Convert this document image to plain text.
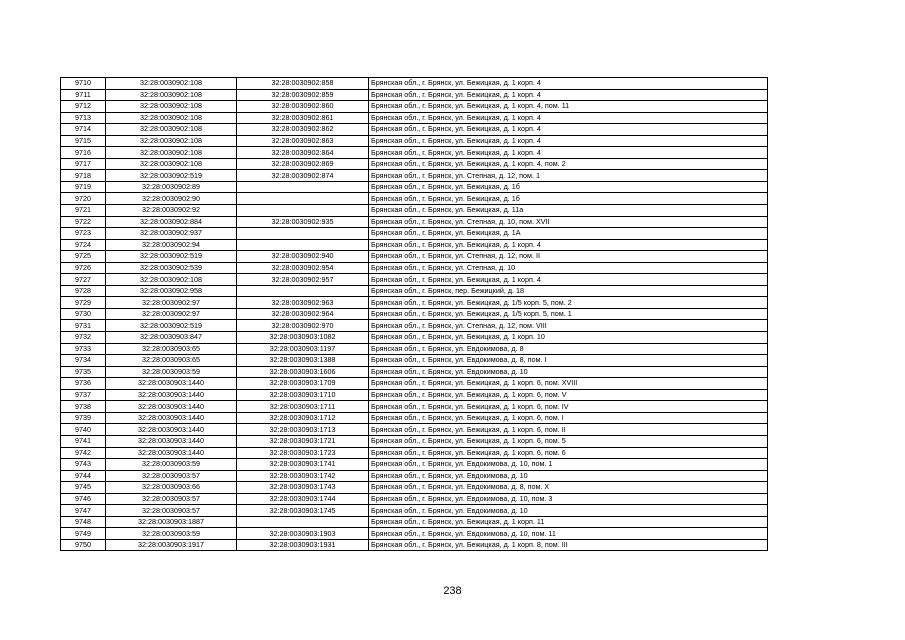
9710	32:28:0030902:108	32:28:0030902:858	Брянская обл., г. Брянск, ул. Бежицкая, д. 1 корп. 4
9711	32:28:0030902:108	32:28:0030902:859	Брянская обл., г. Брянск, ул. Бежицкая, д. 1 корп. 4
9712	32:28:0030902:108	32:28:0030902:860	Брянская обл., г. Брянск, ул. Бежицкая, д. 1 корп. 4, пом. 11
9713	32:28:0030902:108	32:28:0030902:861	Брянская обл., г. Брянск, ул. Бежицкая, д. 1 корп. 4
9714	32:28:0030902:108	32:28:0030902:862	Брянская обл., г. Брянск, ул. Бежицкая, д. 1 корп. 4
9715	32:28:0030902:108	32:28:0030902:863	Брянская обл., г. Брянск, ул. Бежицкая, д. 1 корп. 4
9716	32:28:0030902:108	32:28:0030902:864	Брянская обл., г. Брянск, ул. Бежицкая, д. 1 корп. 4
9717	32:28:0030902:108	32:28:0030902:869	Брянская обл., г. Брянск, ул. Бежицкая, д. 1 корп. 4, пом. 2
9718	32:28:0030902:519	32:28:0030902:874	Брянская обл., г. Брянск, ул. Степная, д. 12, пом. 1
9719	32:28:0030902:89		Брянская обл., г. Брянск, ул. Бежицкая, д. 1б
9720	32:28:0030902:90		Брянская обл., г. Брянск, ул. Бежицкая, д. 1б
9721	32:28:0030902:92		Брянская обл., г. Брянск, ул. Бежицкая, д. 11а
9722	32:28:0030902:884	32:28:0030902:935	Брянская обл., г. Брянск, ул. Степная, д. 10, пом. XVII
9723	32:28:0030902:937		Брянская обл., г. Брянск, ул. Бежицкая, д. 1А
9724	32:28:0030902:94		Брянская обл., г. Брянск, ул. Бежицкая, д. 1 корп. 4
9725	32:28:0030902:519	32:28:0030902:940	Брянская обл., г. Брянск, ул. Степная, д. 12, пом. II
9726	32:28:0030902:539	32:28:0030902:954	Брянская обл., г. Брянск, ул. Степная, д. 10
9727	32:28:0030902:108	32:28:0030902:957	Брянская обл., г. Брянск, ул. Бежицкая, д. 1 корп. 4
9728	32:28:0030902:958		Брянская обл., г. Брянск, пер. Бежицкий, д. 18
9729	32:28:0030902:97	32:28:0030902:963	Брянская обл., г. Брянск, ул. Бежицкая, д. 1/5 корп. 5, пом. 2
9730	32:28:0030902:97	32:28:0030902:964	Брянская обл., г. Брянск, ул. Бежицкая, д. 1/5 корп. 5, пом. 1
9731	32:28:0030902:519	32:28:0030902:970	Брянская обл., г. Брянск, ул. Степная, д. 12, пом. VIII
9732	32:28:0030903:847	32:28:0030903:1082	Брянская обл., г. Брянск, ул. Бежицкая, д. 1 корп. 10
9733	32:28:0030903:65	32:28:0030903:1197	Брянская обл., г. Брянск, ул. Евдокимова, д. 8
9734	32:28:0030903:65	32:28:0030903:1388	Брянская обл., г. Брянск, ул. Евдокимова, д. 8, пом. I
9735	32:28:0030903:59	32:28:0030903:1606	Брянская обл., г. Брянск, ул. Евдокимова, д. 10
9736	32:28:0030903:1440	32:28:0030903:1709	Брянская обл., г. Брянск, ул. Бежицкая, д. 1 корп. 6, пом. XVIII
9737	32:28:0030903:1440	32:28:0030903:1710	Брянская обл., г. Брянск, ул. Бежицкая, д. 1 корп. 6, пом. V
9738	32:28:0030903:1440	32:28:0030903:1711	Брянская обл., г. Брянск, ул. Бежицкая, д. 1 корп. 6, пом. IV
9739	32:28:0030903:1440	32:28:0030903:1712	Брянская обл., г. Брянск, ул. Бежицкая, д. 1 корп. 6, пом. I
9740	32:28:0030903:1440	32:28:0030903:1713	Брянская обл., г. Брянск, ул. Бежицкая, д. 1 корп. 6, пом. II
9741	32:28:0030903:1440	32:28:0030903:1721	Брянская обл., г. Брянск, ул. Бежицкая, д. 1 корп. 6, пом. 5
9742	32:28:0030903:1440	32:28:0030903:1723	Брянская обл., г. Брянск, ул. Бежицкая, д. 1 корп. 6, пом. 6
9743	32:28:0030903:59	32:28:0030903:1741	Брянская обл., г. Брянск, ул. Евдокимова, д. 10, пом. 1
9744	32:28:0030903:57	32:28:0030903:1742	Брянская обл., г. Брянск, ул. Евдокимова, д. 10
9745	32:28:0030903:66	32:28:0030903:1743	Брянская обл., г. Брянск, ул. Евдокимова, д. 8, пом. X
9746	32:28:0030903:57	32:28:0030903:1744	Брянская обл., г. Брянск, ул. Евдокимова, д. 10, пом. 3
9747	32:28:0030903:57	32:28:0030903:1745	Брянская обл., г. Брянск, ул. Евдокимова, д. 10
9748	32:28:0030903:1887		Брянская обл., г. Брянск, ул. Бежицкая, д. 1 корп. 11
9749	32:28:0030903:59	32:28:0030903:1903	Брянская обл., г. Брянск, ул. Евдокимова, д. 10, пом. 11
9750	32:28:0030903:1917	32:28:0030903:1931	Брянская обл., г. Брянск, ул. Бежицкая, д. 1 корп. 8, пом. III
238
